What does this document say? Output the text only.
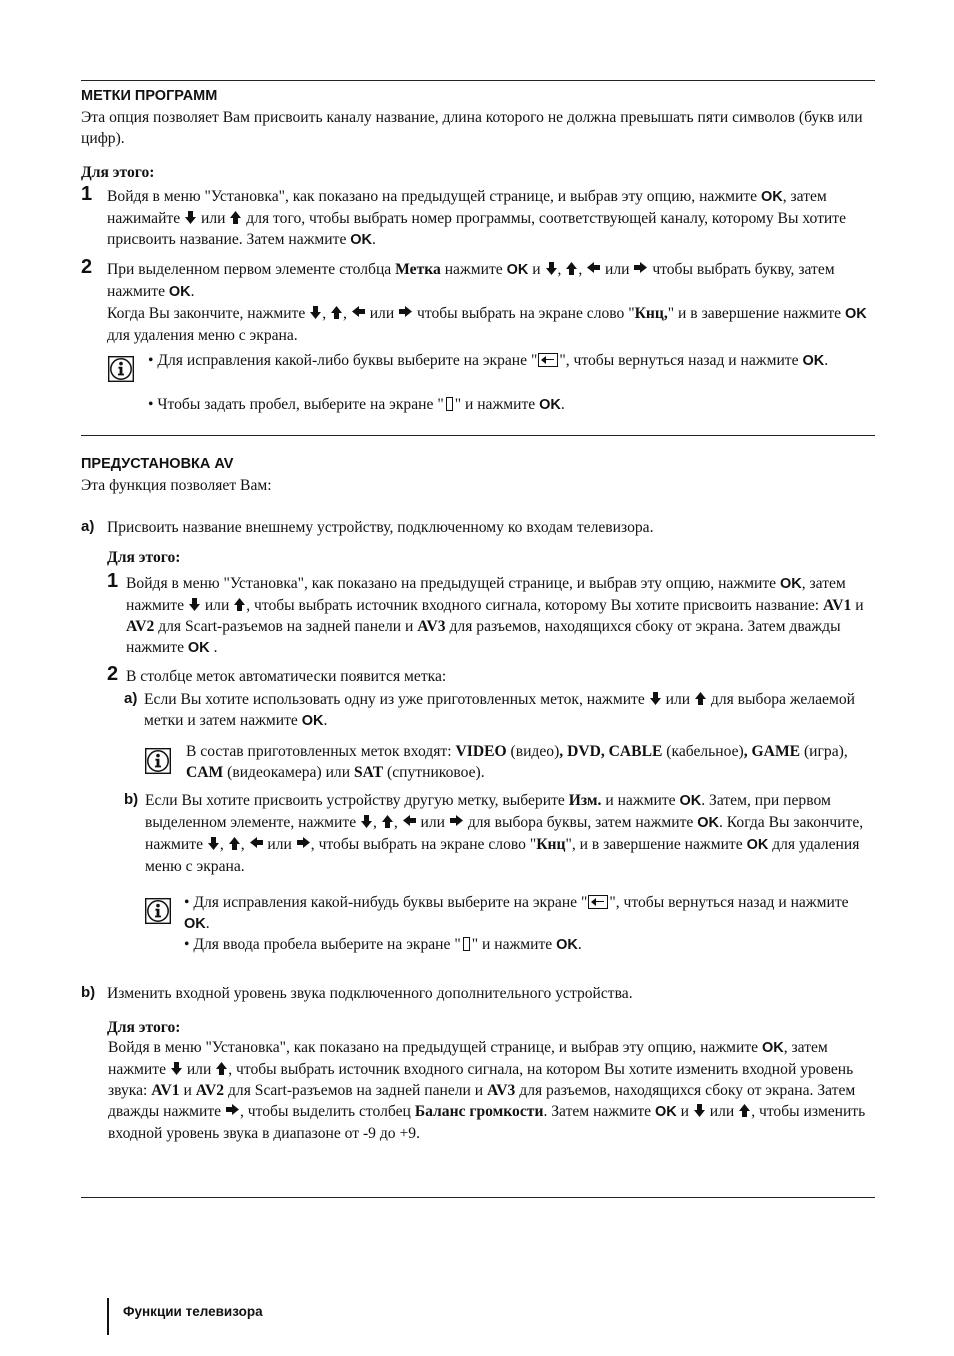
МЕТКИ ПРОГРАММ
Эта опция позволяет Вам присвоить каналу название, длина которого не должна превышать пяти символов (букв или цифр).
Для этого:
1 Войдя в меню "Установка", как показано на предыдущей странице, и выбрав эту опцию, нажмите OK, затем нажимайте или для того, чтобы выбрать номер программы, соответствующей каналу, которому Вы хотите присвоить название. Затем нажмите OK.
2 При выделенном первом элементе столбца Метка нажмите OK и ,
,
или чтобы выбрать букву, затем нажмите OK.
Когда Вы закончите, нажмите ,
,
или чтобы выбрать на экране слово "Кнц," и в завершение нажмите OK для удаления меню с экрана.
• Для исправления какой-либо буквы выберите на экране " ", чтобы вернуться назад и нажмите OK.
• Чтобы задать пробел, выберите на экране " " и нажмите OK.
ПРЕДУСТАНОВКА AV
Эта функция позволяет Вам:
a) Присвоить название внешнему устройству, подключенному ко входам телевизора.
Для этого:
1 Войдя в меню "Установка", как показано на предыдущей странице, и выбрав эту опцию, нажмите OK, затем нажмите или , чтобы выбрать источник входного сигнала, которому Вы хотите присвоить название: AV1 и AV2 для Scart-разъемов на задней панели и AV3 для разъемов, находящихся сбоку от экрана. Затем дважды нажмите OK .
2 В столбце меток автоматически появится метка:
a) Если Вы хотите использовать одну из уже приготовленных меток, нажмите или для выбора желаемой метки и затем нажмите OK.
В состав приготовленных меток входят: VIDEO (видео), DVD, CABLE (кабельное), GAME (игра), CAM (видеокамера) или SAT (спутниковое).
b) Если Вы хотите присвоить устройству другую метку, выберите Изм. и нажмите OK. Затем, при первом выделенном элементе, нажмите ,
,
или для выбора буквы, затем нажмите OK. Когда Вы закончите, нажмите ,
,
или , чтобы выбрать на экране слово "Кнц", и в завершение нажмите OK для удаления меню с экрана.
• Для исправления какой-нибудь буквы выберите на экране " ", чтобы вернуться назад и нажмите OK.
• Для ввода пробела выберите на экране " " и нажмите OK.
b) Изменить входной уровень звука подключенного дополнительного устройства.
Для этого:
Войдя в меню "Установка", как показано на предыдущей странице, и выбрав эту опцию, нажмите OK, затем нажмите или , чтобы выбрать источник входного сигнала, на котором Вы хотите изменить входной уровень звука: AV1 и AV2 для Scart-разъемов на задней панели и AV3 для разъемов, находящихся сбоку от экрана. Затем дважды нажмите , чтобы выделить столбец Баланс громкости. Затем нажмите OK и или , чтобы изменить входной уровень звука в диапазоне от -9 до +9.
Функции телевизора
